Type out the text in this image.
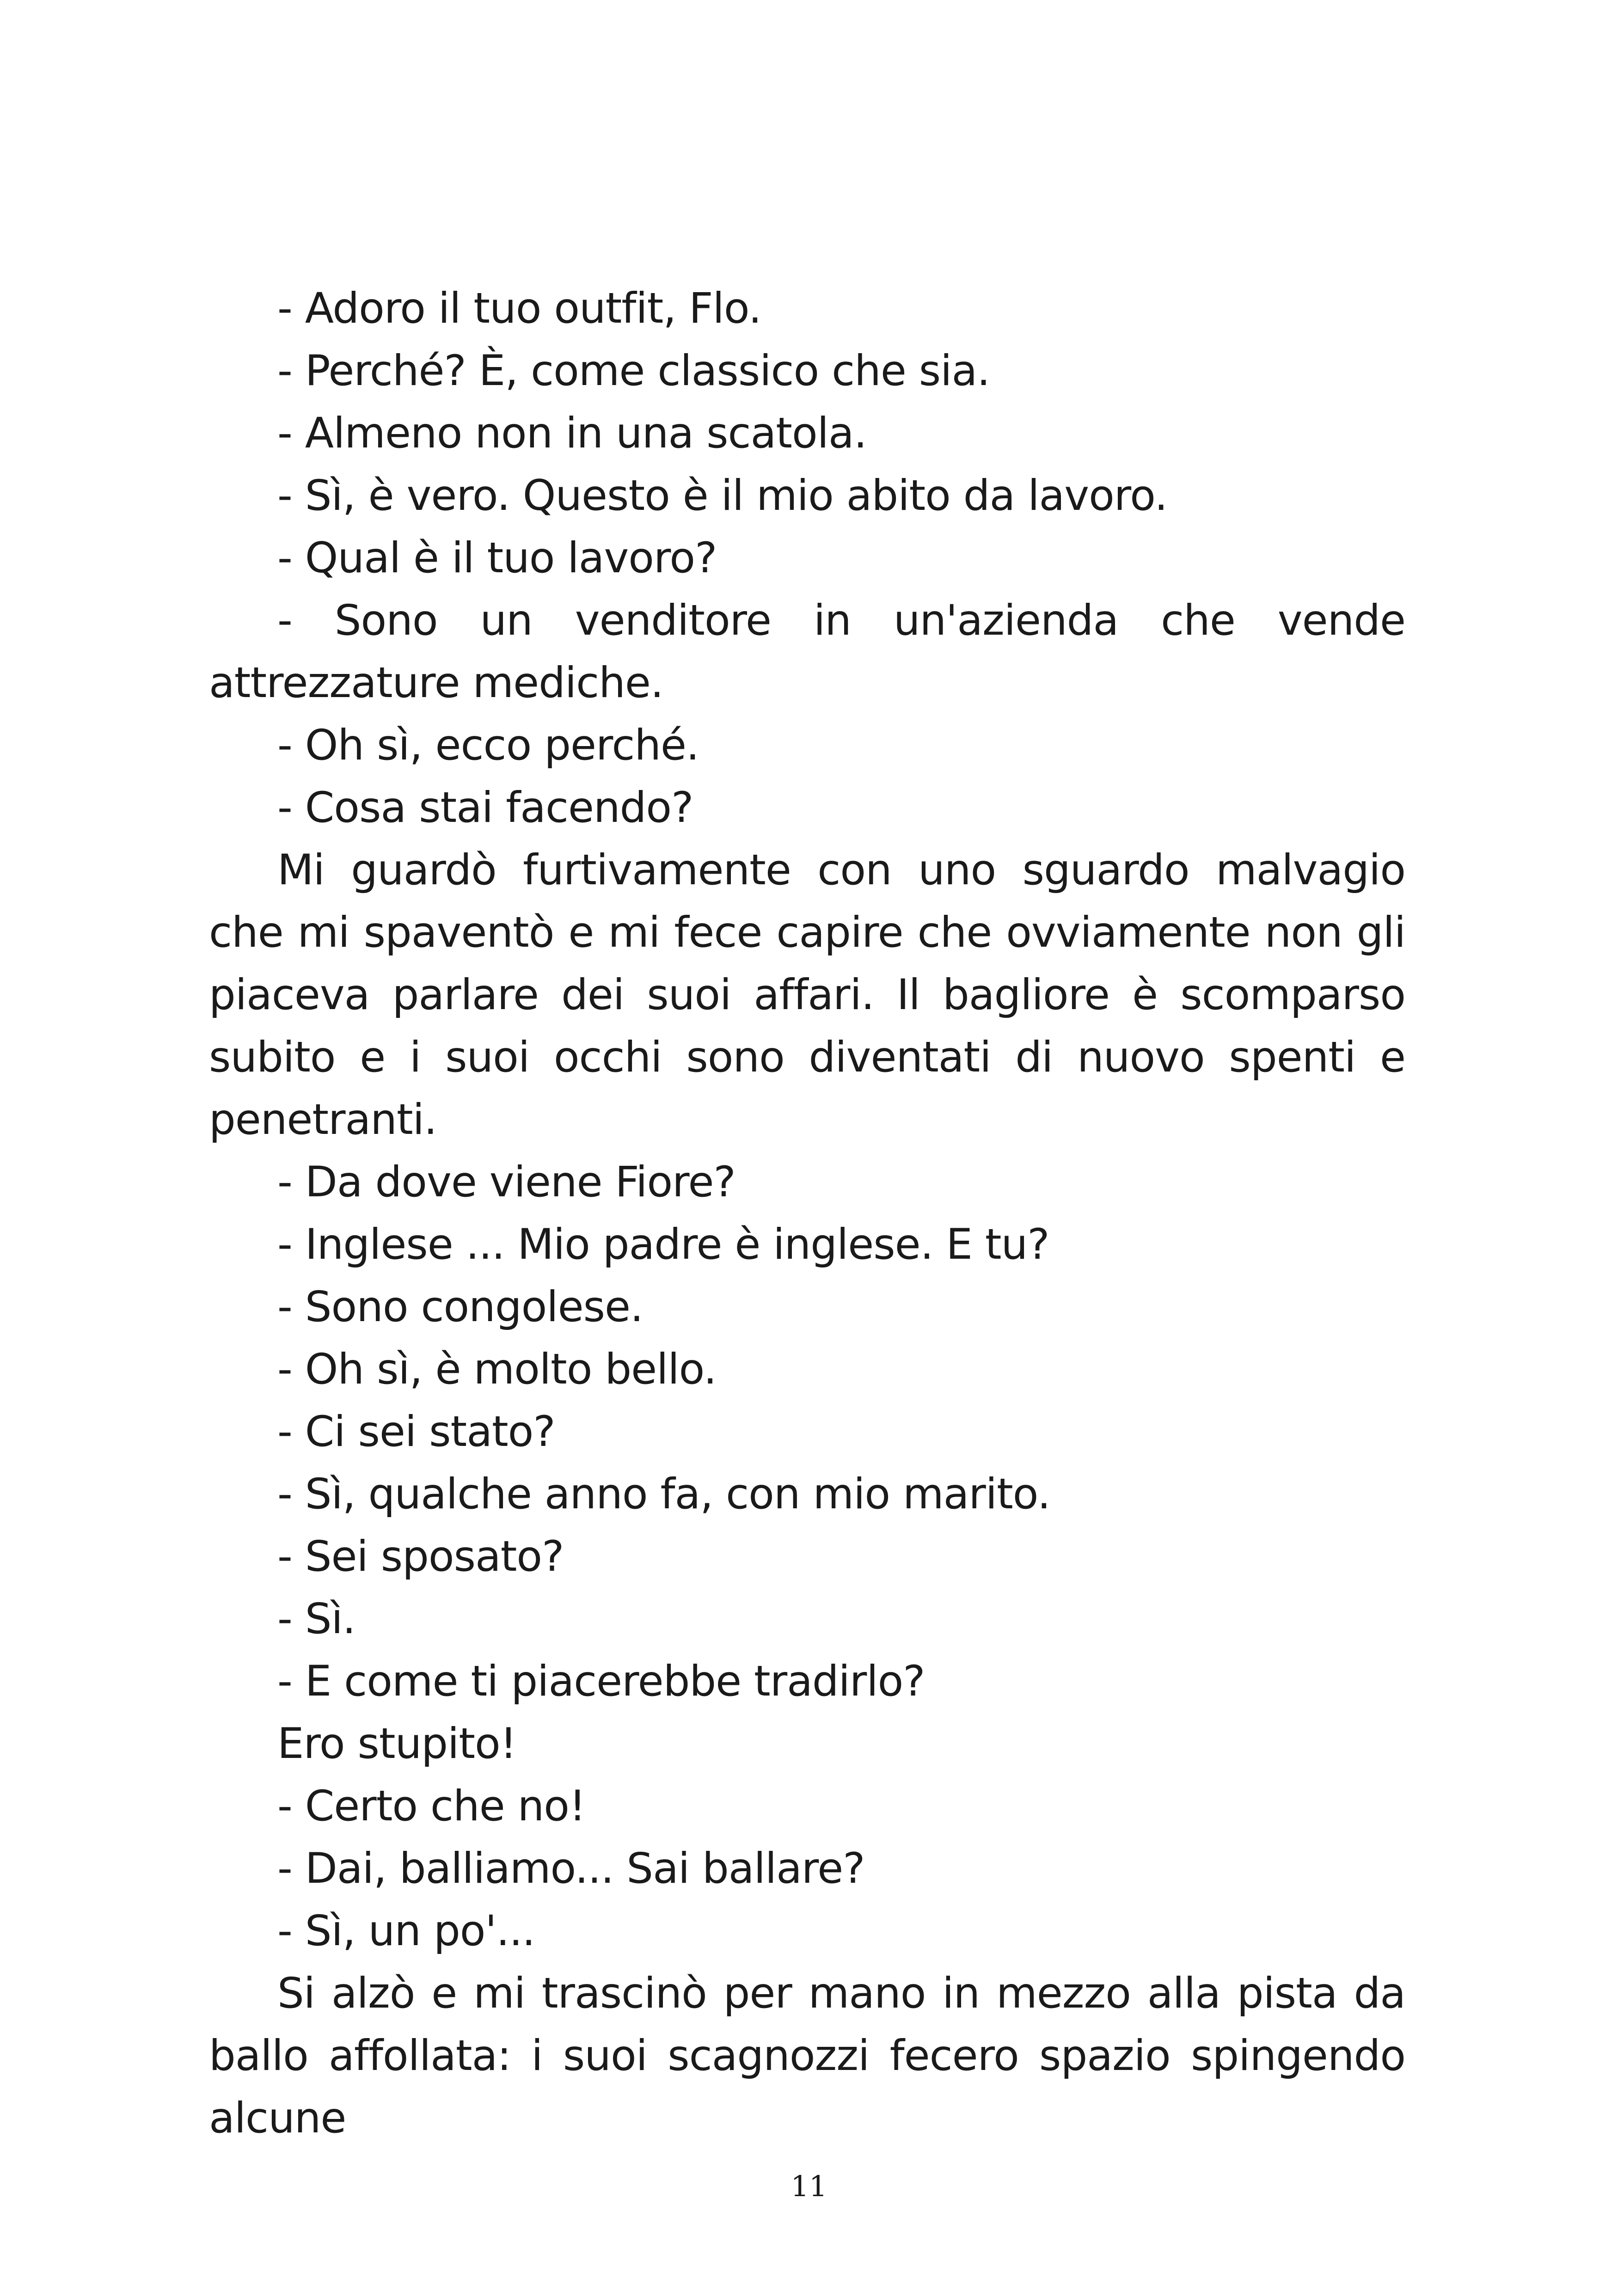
- Adoro il tuo outfit, Flo.

- Perché? È, come classico che sia.

- Almeno non in una scatola.

- Sì, è vero. Questo è il mio abito da lavoro.

- Qual è il tuo lavoro?

- Sono un venditore in un'azienda che vende attrezzature mediche.

- Oh sì, ecco perché.

- Cosa stai facendo?

Mi guardò furtivamente con uno sguardo malvagio che mi spaventò e mi fece capire che ovviamente non gli piaceva parlare dei suoi affari. Il bagliore è scomparso subito e i suoi occhi sono diventati di nuovo spenti e penetranti.

- Da dove viene Fiore?

- Inglese ... Mio padre è inglese. E tu?

- Sono congolese.

- Oh sì, è molto bello.

- Ci sei stato?

- Sì, qualche anno fa, con mio marito.

- Sei sposato?

- Sì.

- E come ti piacerebbe tradirlo?

Ero stupito!

- Certo che no!

- Dai, balliamo... Sai ballare?

- Sì, un po'...

Si alzò e mi trascinò per mano in mezzo alla pista da ballo affollata: i suoi scagnozzi fecero spazio spingendo alcune

11
